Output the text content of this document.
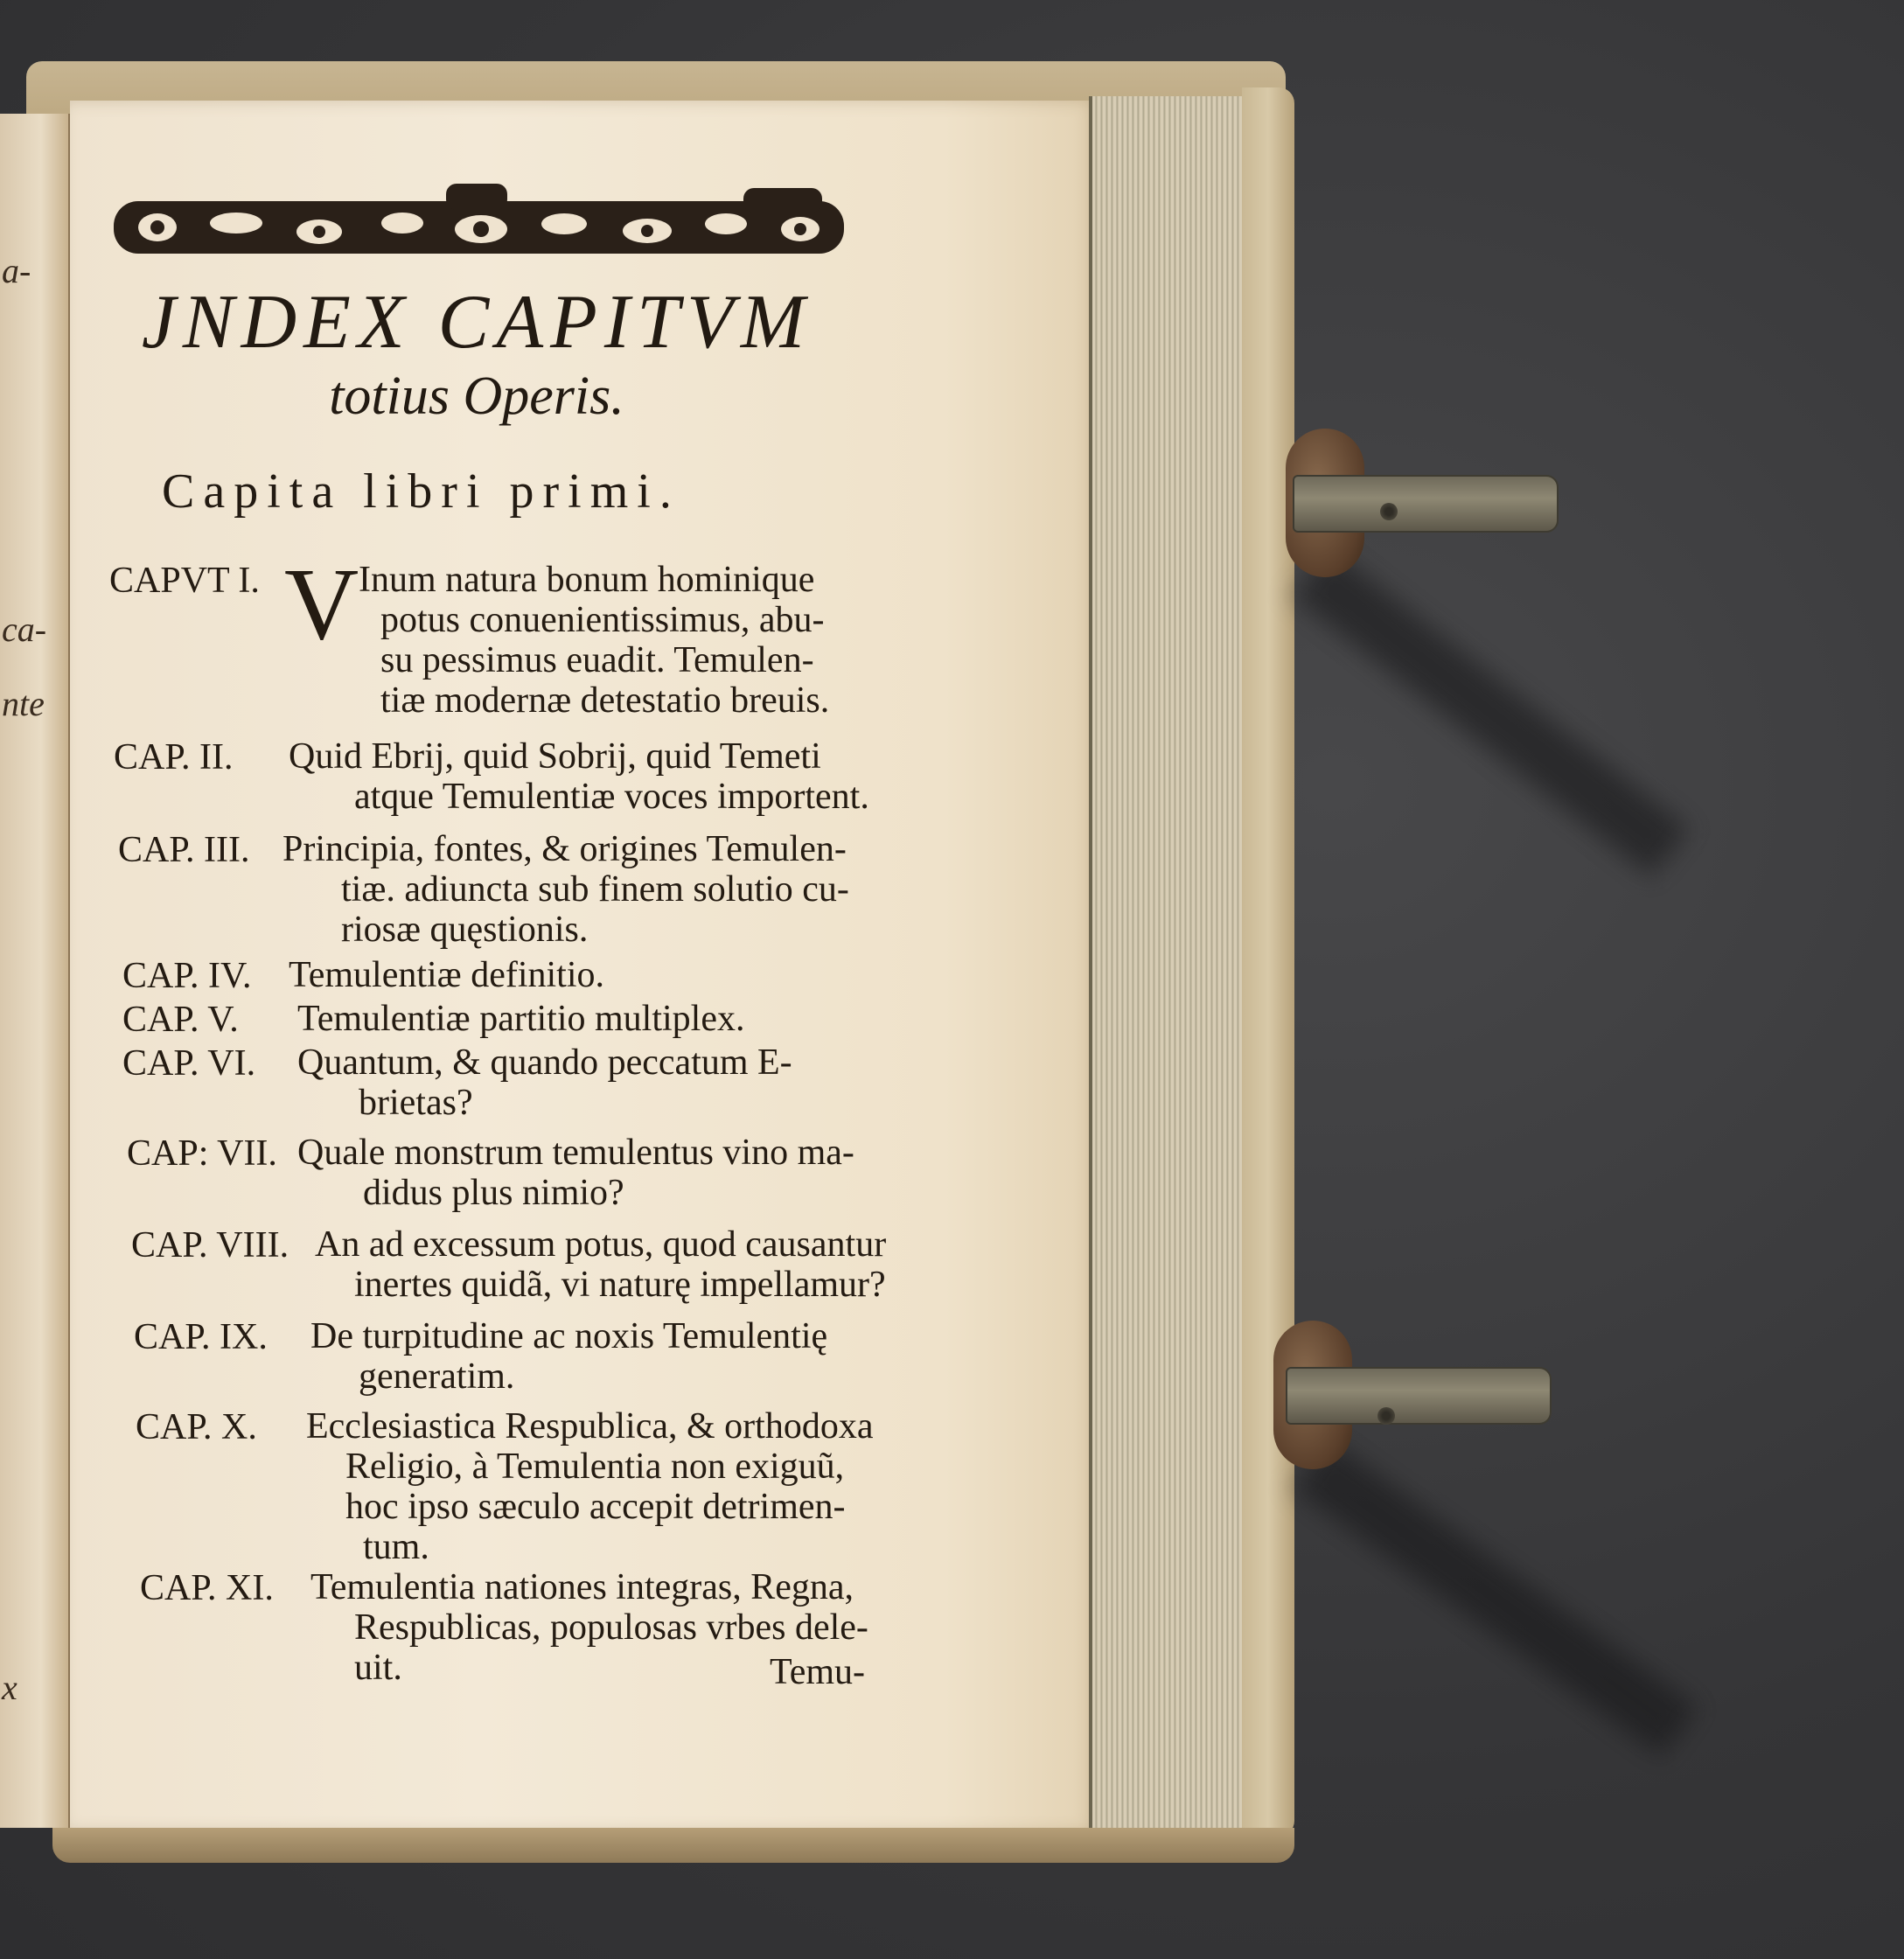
a-
ca-
nte
x
JNDEX CAPITVM
totius Operis.
Capita libri primi.
CAPVT I. V Inum natura bonum hominique
potus conuenientissimus, abu-
su pessimus euadit. Temulen-
tiæ modernæ detestatio breuis.
CAP. II. Quid Ebrij, quid Sobrij, quid Temeti
atque Temulentiæ voces importent.
CAP. III. Principia, fontes, & origines Temulen-
tiæ. adiuncta sub finem solutio cu-
riosæ quęstionis.
CAP. IV. Temulentiæ definitio.
CAP. V. Temulentiæ partitio multiplex.
CAP. VI. Quantum, & quando peccatum E-
brietas?
CAP: VII. Quale monstrum temulentus vino ma-
didus plus nimio?
CAP. VIII. An ad excessum potus, quod causantur
inertes quidã, vi naturę impellamur?
CAP. IX. De turpitudine ac noxis Temulentię
generatim.
CAP. X. Ecclesiastica Respublica, & orthodoxa
Religio, à Temulentia non exiguũ,
hoc ipso sæculo accepit detrimen-
tum.
CAP. XI. Temulentia nationes integras, Regna,
Respublicas, populosas vrbes dele-
uit.	Temu-
